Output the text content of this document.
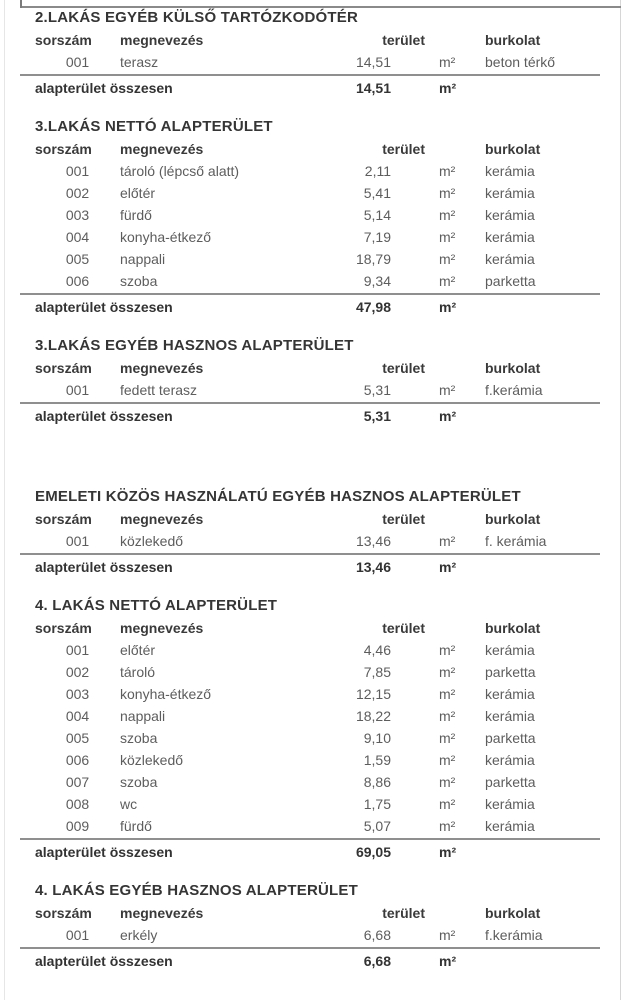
2.LAKÁS EGYÉB KÜLSŐ TARTÓZKODÓTÉR
sorszám	megnevezés	terület	burkolat
001	terasz	14,51	m²	beton térkő
alapterület összesen	14,51	m²
3.LAKÁS NETTÓ ALAPTERÜLET
sorszám	megnevezés	terület	burkolat
001	tároló (lépcső alatt)	2,11	m²	kerámia
002	előtér	5,41	m²	kerámia
003	fürdő	5,14	m²	kerámia
004	konyha-étkező	7,19	m²	kerámia
005	nappali	18,79	m²	kerámia
006	szoba	9,34	m²	parketta
alapterület összesen	47,98	m²
3.LAKÁS EGYÉB HASZNOS ALAPTERÜLET
sorszám	megnevezés	terület	burkolat
001	fedett terasz	5,31	m²	f.kerámia
alapterület összesen	5,31	m²
EMELETI KÖZÖS HASZNÁLATÚ EGYÉB HASZNOS ALAPTERÜLET
sorszám	megnevezés	terület	burkolat
001	közlekedő	13,46	m²	f. kerámia
alapterület összesen	13,46	m²
4. LAKÁS NETTÓ ALAPTERÜLET
sorszám	megnevezés	terület	burkolat
001	előtér	4,46	m²	kerámia
002	tároló	7,85	m²	parketta
003	konyha-étkező	12,15	m²	kerámia
004	nappali	18,22	m²	kerámia
005	szoba	9,10	m²	parketta
006	közlekedő	1,59	m²	kerámia
007	szoba	8,86	m²	parketta
008	wc	1,75	m²	kerámia
009	fürdő	5,07	m²	kerámia
alapterület összesen	69,05	m²
4. LAKÁS EGYÉB HASZNOS ALAPTERÜLET
sorszám	megnevezés	terület	burkolat
001	erkély	6,68	m²	f.kerámia
alapterület összesen	6,68	m²
